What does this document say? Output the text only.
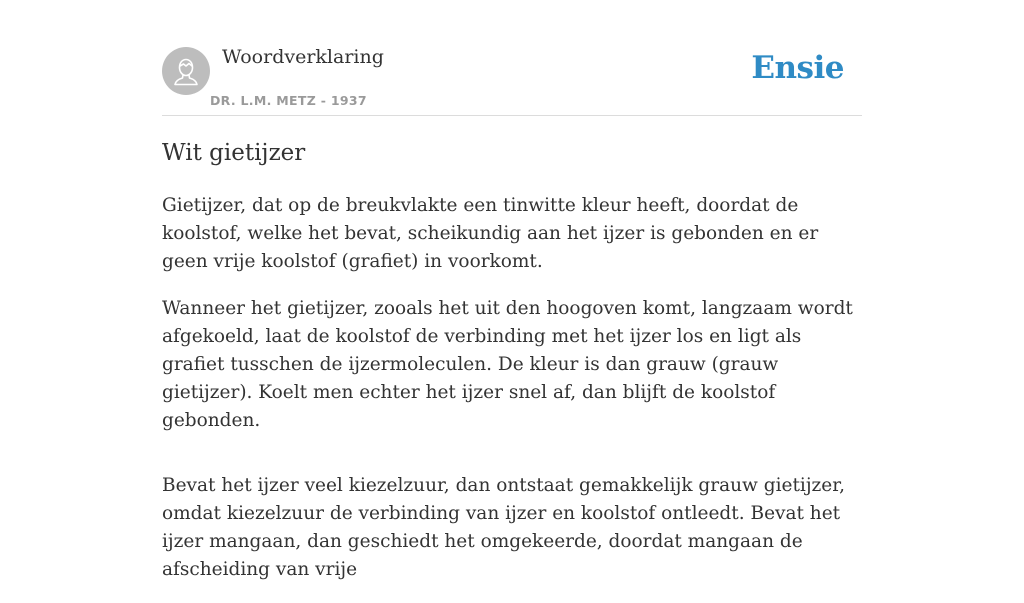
Woordverklaring
DR. L.M. METZ - 1937
Ensie
Wit gietijzer

Gietijzer, dat op de breukvlakte een tinwitte kleur heeft, doordat de koolstof, welke het bevat, scheikundig aan het ijzer is gebonden en er geen vrije koolstof (grafiet) in voorkomt.

Wanneer het gietijzer, zooals het uit den hoogoven komt, langzaam wordt afgekoeld, laat de koolstof de verbinding met het ijzer los en ligt als grafiet tusschen de ijzermoleculen. De kleur is dan grauw (grauw gietijzer). Koelt men echter het ijzer snel af, dan blijft de koolstof gebonden.

Bevat het ijzer veel kiezelzuur, dan ontstaat gemakkelijk grauw gietijzer, omdat kiezelzuur de verbinding van ijzer en koolstof ontleedt. Bevat het ijzer mangaan, dan geschiedt het omgekeerde, doordat mangaan de afscheiding van vrije
